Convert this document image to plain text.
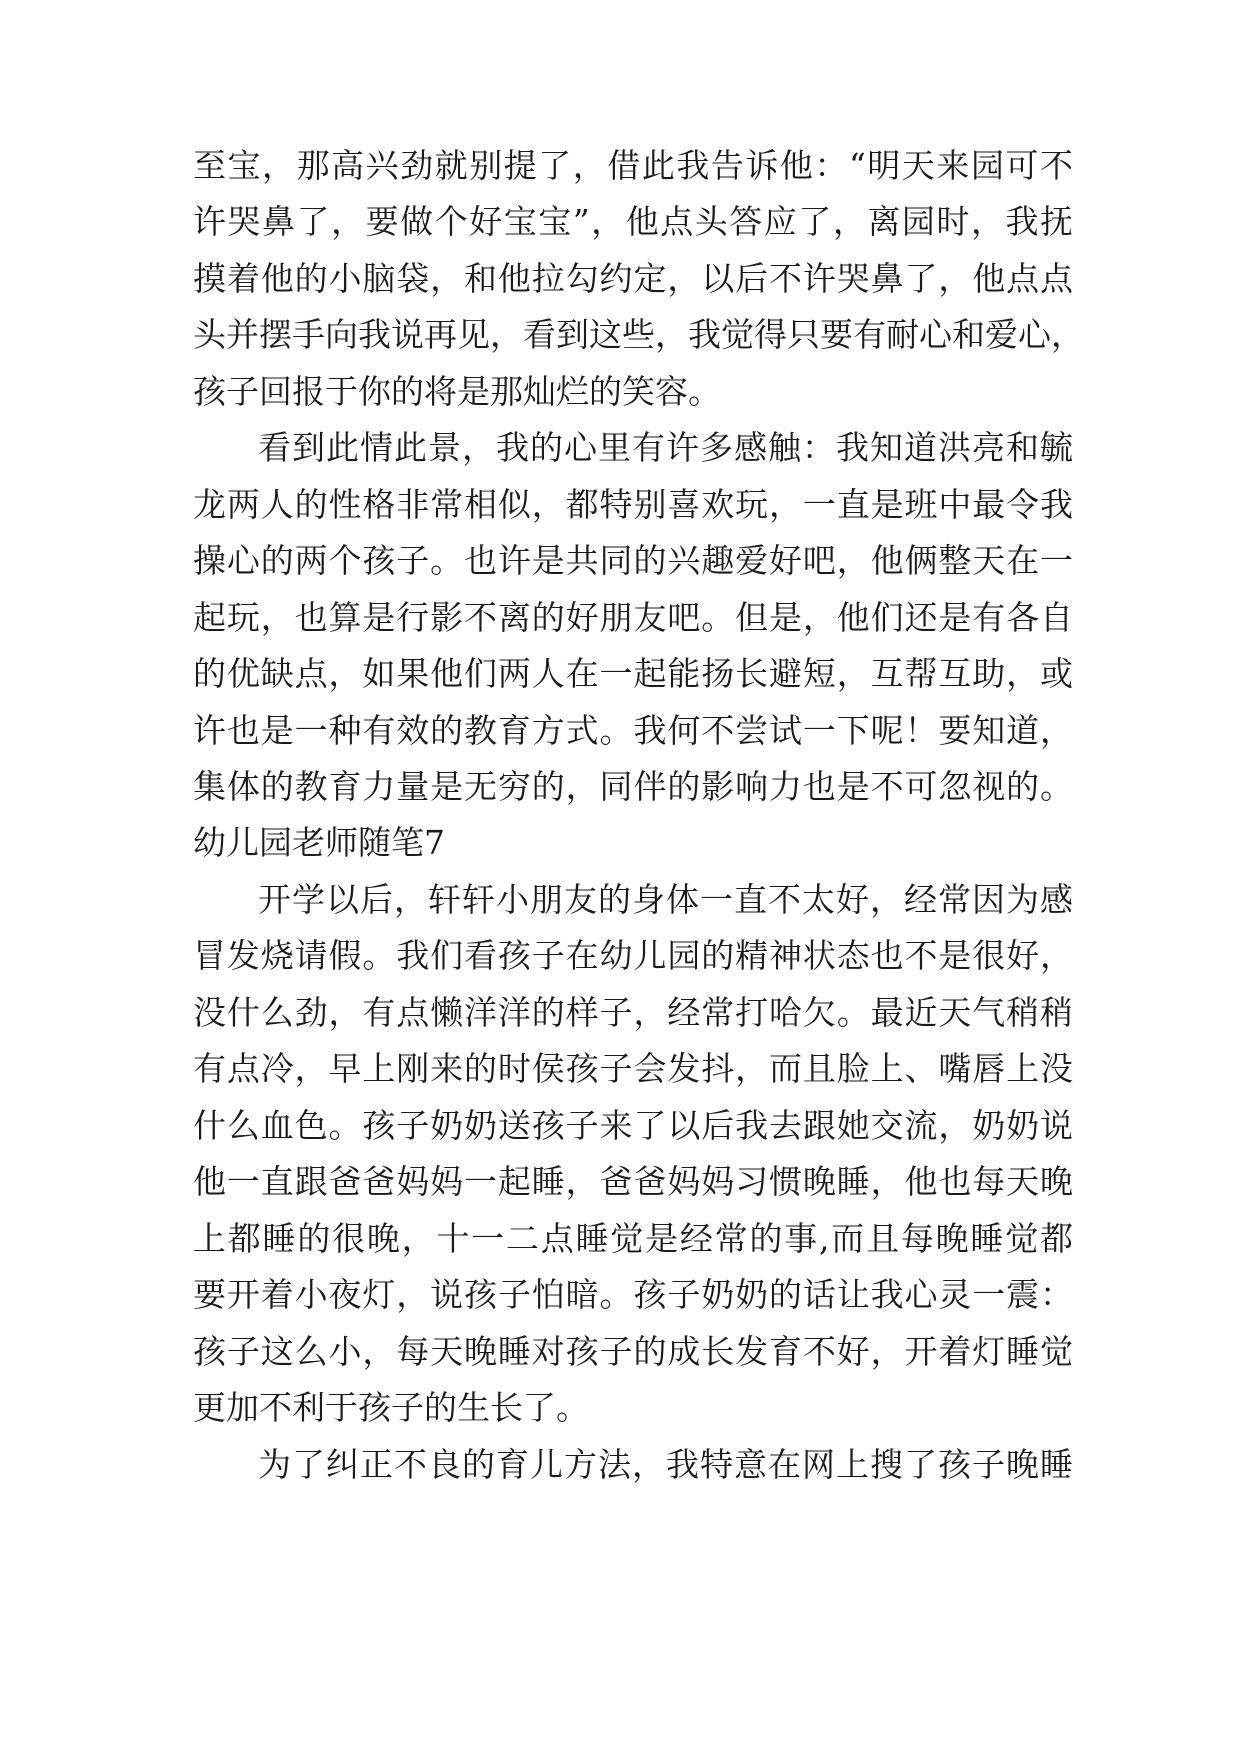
至宝，那高兴劲就别提了，借此我告诉他：“明天来园可不
许哭鼻了，要做个好宝宝”，他点头答应了，离园时，我抚
摸着他的小脑袋，和他拉勾约定，以后不许哭鼻了，他点点
头并摆手向我说再见，看到这些，我觉得只要有耐心和爱心，
孩子回报于你的将是那灿烂的笑容。
看到此情此景，我的心里有许多感触：我知道洪亮和毓
龙两人的性格非常相似，都特别喜欢玩，一直是班中最令我
操心的两个孩子。也许是共同的兴趣爱好吧，他俩整天在一
起玩，也算是行影不离的好朋友吧。但是，他们还是有各自
的优缺点，如果他们两人在一起能扬长避短，互帮互助，或
许也是一种有效的教育方式。我何不尝试一下呢！要知道，
集体的教育力量是无穷的，同伴的影响力也是不可忽视的。
幼儿园老师随笔7
开学以后，轩轩小朋友的身体一直不太好，经常因为感
冒发烧请假。我们看孩子在幼儿园的精神状态也不是很好，
没什么劲，有点懒洋洋的样子，经常打哈欠。最近天气稍稍
有点冷，早上刚来的时侯孩子会发抖，而且脸上、嘴唇上没
什么血色。孩子奶奶送孩子来了以后我去跟她交流，奶奶说
他一直跟爸爸妈妈一起睡，爸爸妈妈习惯晚睡，他也每天晚
上都睡的很晚，十一二点睡觉是经常的事,而且每晚睡觉都
要开着小夜灯，说孩子怕暗。孩子奶奶的话让我心灵一震：
孩子这么小，每天晚睡对孩子的成长发育不好，开着灯睡觉
更加不利于孩子的生长了。
为了纠正不良的育儿方法，我特意在网上搜了孩子晚睡
